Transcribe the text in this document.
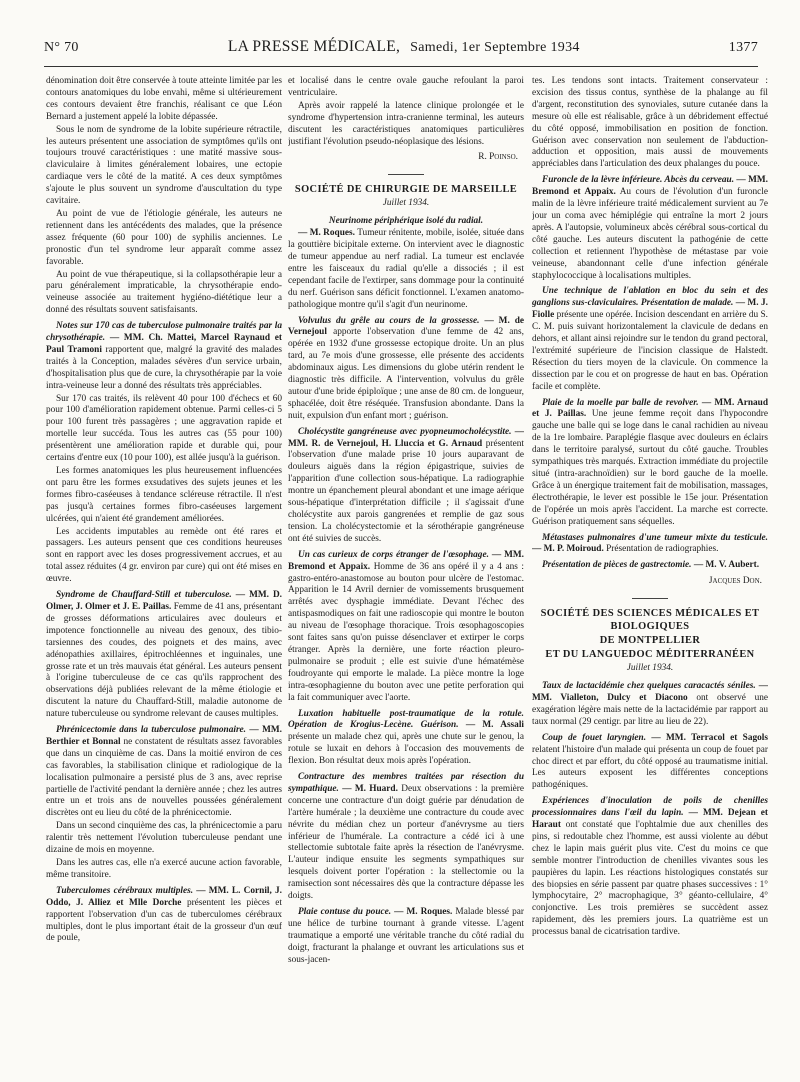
N° 70	LA PRESSE MÉDICALE, Samedi, 1er Septembre 1934	1377

dénomination doit être conservée à toute atteinte limitée par les contours anatomiques du lobe envahi, même si ultérieurement ces contours devaient être franchis, réalisant ce que Léon Bernard a justement appelé la lobite dépassée.

Sous le nom de syndrome de la lobite supérieure rétractile, les auteurs présentent une association de symptômes qu'ils ont toujours trouvé caractéristiques : une matité massive sous-claviculaire à limites généralement lobaires, une ectopie cardiaque vers le côté de la matité. A ces deux symptômes s'ajoute le plus souvent un syndrome d'auscultation du type cavitaire.

Au point de vue de l'étiologie générale, les auteurs ne retiennent dans les antécédents des malades, que la présence assez fréquente (60 pour 100) de syphilis anciennes. Le pronostic d'un tel syndrome leur apparaît comme assez favorable.

Au point de vue thérapeutique, si la collapsothérapie leur a paru généralement impraticable, la chrysothérapie endo-veineuse associée au traitement hygiéno-diététique leur a donné des résultats souvent satisfaisants.

Notes sur 170 cas de tuberculose pulmonaire traités par la chrysothérapie. — MM. Ch. Mattei, Marcel Raynaud et Paul Tramoni rapportent que, malgré la gravité des malades traités à la Conception, malades sévères d'un service urbain, d'hospitalisation plus que de cure, la chrysothérapie par la voie intra-veineuse leur a donné des résultats très appréciables.

Sur 170 cas traités, ils relèvent 40 pour 100 d'échecs et 60 pour 100 d'amélioration rapidement obtenue. Parmi celles-ci 5 pour 100 furent très passagères ; une aggravation rapide et mortelle leur succéda. Tous les autres cas (55 pour 100) présentèrent une amélioration rapide et durable qui, pour certains d'entre eux (10 pour 100), est allée jusqu'à la guérison.

Les formes anatomiques les plus heureusement influencées ont paru être les formes exsudatives des sujets jeunes et les formes fibro-caséeuses à tendance scléreuse rétractile. Il n'est pas jusqu'à certaines formes fibro-caséeuses largement ulcérées, qui n'aient été grandement améliorées.

Les accidents imputables au remède ont été rares et passagers. Les auteurs pensent que ces conditions heureuses sont en rapport avec les doses progressivement accrues, et au total assez réduites (4 gr. environ par cure) qui ont été mises en œuvre.

Syndrome de Chauffard-Still et tuberculose. — MM. D. Olmer, J. Olmer et J. E. Paillas. Femme de 41 ans, présentant de grosses déformations articulaires avec douleurs et impotence fonctionnelle au niveau des genoux, des tibio-tarsiennes des coudes, des poignets et des mains, avec adénopathies axillaires, épitrochléennes et inguinales, une grosse rate et un très mauvais état général. Les auteurs pensent à l'origine tuberculeuse de ce cas qu'ils rapprochent des observations déjà publiées relevant de la même étiologie et discutent la nature du Chauffard-Still, maladie autonome de nature tuberculeuse ou syndrome relevant de causes multiples.

Phrénicectomie dans la tuberculose pulmonaire. — MM. Berthier et Bonnal ne constatent de résultats assez favorables que dans un cinquième de cas. Dans la moitié environ de ces cas favorables, la stabilisation clinique et radiologique de la localisation pulmonaire a persisté plus de 3 ans, avec reprise partielle de l'activité pendant la dernière année ; chez les autres entre un et trois ans de nouvelles poussées généralement discrètes ont eu lieu du côté de la phrénicectomie.

Dans un second cinquième des cas, la phrénicectomie a paru ralentir très nettement l'évolution tuberculeuse pendant une dizaine de mois en moyenne.

Dans les autres cas, elle n'a exercé aucune action favorable, même transitoire.

Tuberculomes cérébraux multiples. — MM. L. Cornil, J. Oddo, J. Alliez et Mlle Dorche présentent les pièces et rapportent l'observation d'un cas de tuberculomes cérébraux multiples, dont le plus important était de la grosseur d'un œuf de poule,

et localisé dans le centre ovale gauche refoulant la paroi ventriculaire.

Après avoir rappelé la latence clinique prolongée et le syndrome d'hypertension intra-cranienne terminal, les auteurs discutent les caractéristiques anatomiques particulières justifiant l'évolution pseudo-néoplasique des lésions.

R. Poinso.

SOCIÉTÉ DE CHIRURGIE DE MARSEILLE

Juillet 1934.
Neurinome périphérique isolé du radial.

— M. Roques. Tumeur rénitente, mobile, isolée, située dans la gouttière bicipitale externe. On intervient avec le diagnostic de tumeur appendue au nerf radial. La tumeur est enclavée entre les faisceaux du radial qu'elle a dissociés ; il est cependant facile de l'extirper, sans dommage pour la continuité du nerf. Guérison sans déficit fonctionnel. L'examen anatomo-pathologique montre qu'il s'agit d'un neurinome.

Volvulus du grêle au cours de la grossesse. — M. de Vernejoul apporte l'observation d'une femme de 42 ans, opérée en 1932 d'une grossesse ectopique droite. Un an plus tard, au 7e mois d'une grossesse, elle présente des accidents abdominaux aigus. Les dimensions du globe utérin rendent le diagnostic très difficile. A l'intervention, volvulus du grêle autour d'une bride épiploïque ; une anse de 80 cm. de longueur, sphacélée, doit être réséquée. Transfusion abondante. Dans la nuit, expulsion d'un enfant mort ; guérison.

Cholécystite gangréneuse avec pyopneumocholécystite. — MM. R. de Vernejoul, H. Lluccia et G. Arnaud présentent l'observation d'une malade prise 10 jours auparavant de douleurs aiguës dans la région épigastrique, suivies de l'apparition d'une collection sous-hépatique. La radiographie montre un épanchement pleural abondant et une image aérique sous-hépatique d'interprétation difficile ; il s'agissait d'une cholécystite aux parois gangrenées et remplie de gaz sous tension. La cholécystectomie et la sérothérapie gangréneuse ont été suivies de succès.

Un cas curieux de corps étranger de l'œsophage. — MM. Bremond et Appaix. Homme de 36 ans opéré il y a 4 ans : gastro-entéro-anastomose au bouton pour ulcère de l'estomac. Apparition le 14 Avril dernier de vomissements brusquement arrêtés avec dysphagie immédiate. Devant l'échec des antispasmodiques on fait une radioscopie qui montre le bouton au niveau de l'œsophage thoracique. Trois œsophagoscopies sont faites sans qu'on puisse désenclaver et extirper le corps étranger. Après la dernière, une forte réaction pleuro-pulmonaire se produit ; elle est suivie d'une hématémèse foudroyante qui emporte le malade. La pièce montre la loge intra-œsophagienne du bouton avec une petite perforation qui la fait communiquer avec l'aorte.

Luxation habituelle post-traumatique de la rotule. Opération de Krogius-Lecène. Guérison. — M. Assali présente un malade chez qui, après une chute sur le genou, la rotule se luxait en dehors à l'occasion des mouvements de flexion. Bon résultat deux mois après l'opération.

Contracture des membres traitées par résection du sympathique. — M. Huard. Deux observations : la première concerne une contracture d'un doigt guérie par dénudation de l'artère humérale ; la deuxième une contracture du coude avec névrite du médian chez un porteur d'anévrysme au tiers inférieur de l'humérale. La contracture a cédé ici à une stellectomie subtotale faite après la résection de l'anévrysme. L'auteur indique ensuite les segments sympathiques sur lesquels doivent porter l'opération : la stellectomie ou la ramisection sont nécessaires dès que la contracture dépasse les doigts.

Plaie contuse du pouce. — M. Roques. Malade blessé par une hélice de turbine tournant à grande vitesse. L'agent traumatique a emporté une véritable tranche du côté radial du doigt, fracturant la phalange et ouvrant les articulations sus et sous-jacen-

tes. Les tendons sont intacts. Traitement conservateur : excision des tissus contus, synthèse de la phalange au fil d'argent, reconstitution des synoviales, suture cutanée dans la mesure où elle est réalisable, grâce à un débridement effectué du côté opposé, immobilisation en position de fonction. Guérison avec conservation non seulement de l'abduction-adduction et opposition, mais aussi de mouvements appréciables dans l'articulation des deux phalanges du pouce.

Furoncle de la lèvre inférieure. Abcès du cerveau. — MM. Bremond et Appaix. Au cours de l'évolution d'un furoncle malin de la lèvre inférieure traité médicalement survient au 7e jour un coma avec hémiplégie qui entraîne la mort 2 jours après. A l'autopsie, volumineux abcès cérébral sous-cortical du côté gauche. Les auteurs discutent la pathogénie de cette collection et retiennent l'hypothèse de métastase par voie veineuse, abandonnant celle d'une infection générale staphylococcique à localisations multiples.

Une technique de l'ablation en bloc du sein et des ganglions sus-claviculaires. Présentation de malade. — M. J. Fiolle présente une opérée. Incision descendant en arrière du S. C. M. puis suivant horizontalement la clavicule de dedans en dehors, et allant ainsi rejoindre sur le tendon du grand pectoral, l'extrémité supérieure de l'incision classique de Halstedt. Résection du tiers moyen de la clavicule. On commence la dissection par le cou et on progresse de haut en bas. Opération facile et complète.

Plaie de la moelle par balle de revolver. — MM. Arnaud et J. Paillas. Une jeune femme reçoit dans l'hypocondre gauche une balle qui se loge dans le canal rachidien au niveau de la 1re lombaire. Paraplégie flasque avec douleurs en éclairs dans le territoire paralysé, surtout du côté gauche. Troubles sympathiques très marqués. Extraction immédiate du projectile situé (intra-arachnoïdien) sur le bord gauche de la moelle. Grâce à un énergique traitement fait de mobilisation, massages, électrothérapie, le lever est possible le 15e jour. Présentation de l'opérée un mois après l'accident. La marche est correcte. Guérison pratiquement sans séquelles.

Métastases pulmonaires d'une tumeur mixte du testicule. — M. P. Moiroud. Présentation de radiographies.

Présentation de pièces de gastrectomie. — M. V. Aubert.

Jacques Don.

SOCIÉTÉ DES SCIENCES MÉDICALES ET BIOLOGIQUES

DE MONTPELLIER

ET DU LANGUEDOC MÉDITERRANÉEN

Juillet 1934.

Taux de lactacidémie chez quelques caracactés séniles. — MM. Vialleton, Dulcy et Diacono ont observé une exagération légère mais nette de la lactacidémie par rapport au taux normal (29 centigr. par litre au lieu de 22).

Coup de fouet laryngien. — MM. Terracol et Sagols relatent l'histoire d'un malade qui présenta un coup de fouet par choc direct et par effort, du côté opposé au traumatisme initial. Les auteurs exposent les différentes conceptions pathogéniques.

Expériences d'inoculation de poils de chenilles processionnaires dans l'œil du lapin. — MM. Dejean et Haraut ont constaté que l'ophtalmie due aux chenilles des pins, si redoutable chez l'homme, est aussi violente au début chez le lapin mais guérit plus vite. C'est du moins ce que semble montrer l'introduction de chenilles vivantes sous les paupières du lapin. Les réactions histologiques constatés sur des biopsies en série passent par quatre phases successives : 1° lymphocytaire, 2° macrophagique, 3° géanto-cellulaire, 4° conjonctive. Les trois premières se succèdent assez rapidement, dès les premiers jours. La quatrième est un processus banal de cicatrisation tardive.
